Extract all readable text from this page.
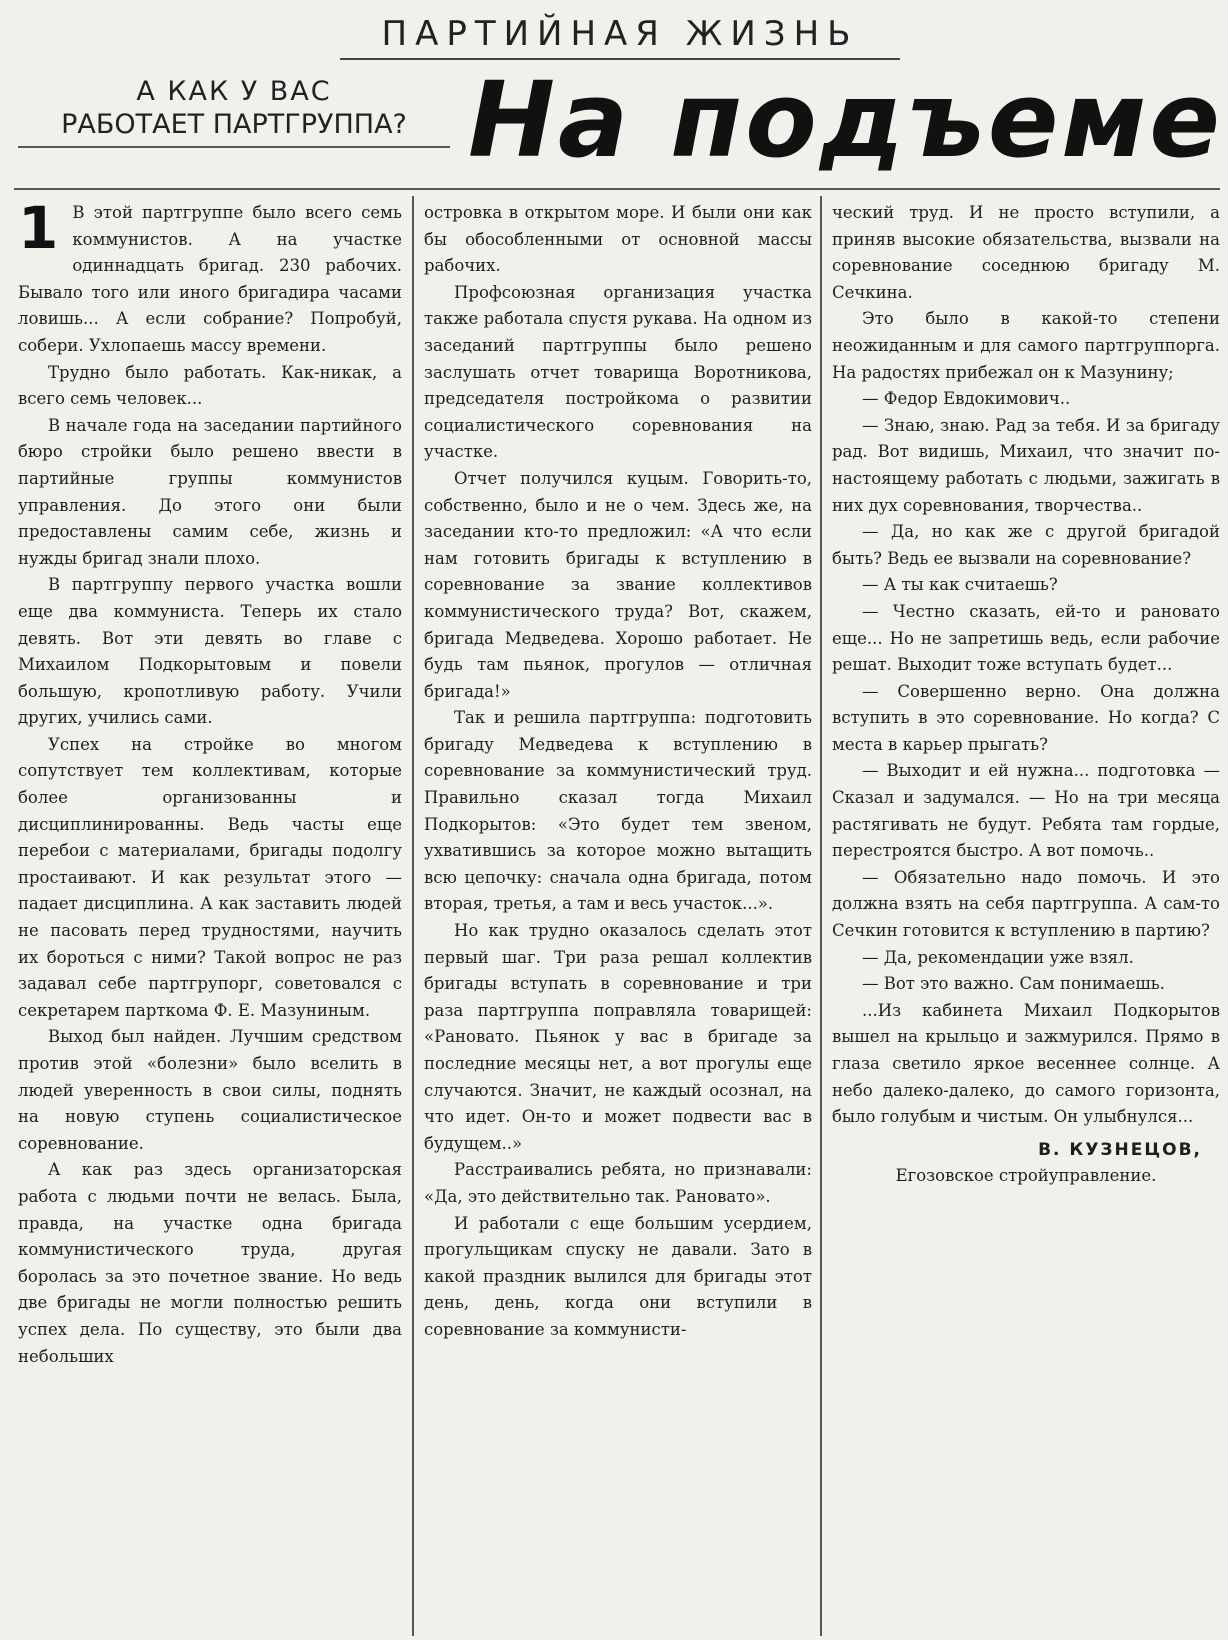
ПАРТИЙНАЯ ЖИЗНЬ
А КАК У ВАС
РАБОТАЕТ ПАРТГРУППА? На подъеме
1 В этой партгруппе было всего семь коммунистов. А на участке одиннадцать бригад. 230 рабочих. Бывало того или иного бригадира часами ловишь... А если собрание? Попробуй, собери. Ухлопаешь массу времени.

Трудно было работать. Как-никак, а всего семь человек...

В начале года на заседании партийного бюро стройки было решено ввести в партийные группы коммунистов управления. До этого они были предоставлены самим себе, жизнь и нужды бригад знали плохо.

В партгруппу первого участка вошли еще два коммуниста. Теперь их стало девять. Вот эти девять во главе с Михаилом Подкорытовым и повели большую, кропотливую работу. Учили других, учились сами.

Успех на стройке во многом сопутствует тем коллективам, которые более организованны и дисциплинированны. Ведь часты еще перебои с материалами, бригады подолгу простаивают. И как результат этого — падает дисциплина. А как заставить людей не пасовать перед трудностями, научить их бороться с ними? Такой вопрос не раз задавал себе партгрупорг, советовался с секретарем парткома Ф. Е. Мазуниным.

Выход был найден. Лучшим средством против этой «болезни» было вселить в людей уверенность в свои силы, поднять на новую ступень социалистическое соревнование.

А как раз здесь организаторская работа с людьми почти не велась. Была, правда, на участке одна бригада коммунистического труда, другая боролась за это почетное звание. Но ведь две бригады не могли полностью решить успех дела. По существу, это были два небольших

островка в открытом море. И были они как бы обособленными от основной массы рабочих.

Профсоюзная организация участка также работала спустя рукава. На одном из заседаний партгруппы было решено заслушать отчет товарища Воротникова, председателя постройкома о развитии социалистического соревнования на участке.

Отчет получился куцым. Говорить-то, собственно, было и не о чем. Здесь же, на заседании кто-то предложил: «А что если нам готовить бригады к вступлению в соревнование за звание коллективов коммунистического труда? Вот, скажем, бригада Медведева. Хорошо работает. Не будь там пьянок, прогулов — отличная бригада!»

Так и решила партгруппа: подготовить бригаду Медведева к вступлению в соревнование за коммунистический труд. Правильно сказал тогда Михаил Подкорытов: «Это будет тем звеном, ухватившись за которое можно вытащить всю цепочку: сначала одна бригада, потом вторая, третья, а там и весь участок...».

Но как трудно оказалось сделать этот первый шаг. Три раза решал коллектив бригады вступать в соревнование и три раза партгруппа поправляла товарищей: «Рановато. Пьянок у вас в бригаде за последние месяцы нет, а вот прогулы еще случаются. Значит, не каждый осознал, на что идет. Он-то и может подвести вас в будущем..»

Расстраивались ребята, но признавали: «Да, это действительно так. Рановато».

И работали с еще большим усердием, прогульщикам спуску не давали. Зато в какой праздник вылился для бригады этот день, день, когда они вступили в соревнование за коммунисти-

ческий труд. И не просто вступили, а приняв высокие обязательства, вызвали на соревнование соседнюю бригаду М. Сечкина.

Это было в какой-то степени неожиданным и для самого партгруппорга. На радостях прибежал он к Мазунину;

— Федор Евдокимович..

— Знаю, знаю. Рад за тебя. И за бригаду рад. Вот видишь, Михаил, что значит по-настоящему работать с людьми, зажигать в них дух соревнования, творчества..

— Да, но как же с другой бригадой быть? Ведь ее вызвали на соревнование?

— А ты как считаешь?

— Честно сказать, ей-то и рановато еще... Но не запретишь ведь, если рабочие решат. Выходит тоже вступать будет...

— Совершенно верно. Она должна вступить в это соревнование. Но когда? С места в карьер прыгать?

— Выходит и ей нужна... подготовка — Сказал и задумался. — Но на три месяца растягивать не будут. Ребята там гордые, перестроятся быстро. А вот помочь..

— Обязательно надо помочь. И это должна взять на себя партгруппа. А сам-то Сечкин готовится к вступлению в партию?

— Да, рекомендации уже взял.

— Вот это важно. Сам понимаешь.

...Из кабинета Михаил Подкорытов вышел на крыльцо и зажмурился. Прямо в глаза светило яркое весеннее солнце. А небо далеко-далеко, до самого горизонта, было голубым и чистым. Он улыбнулся...

В. КУЗНЕЦОВ,
Егозовское стройуправление.
